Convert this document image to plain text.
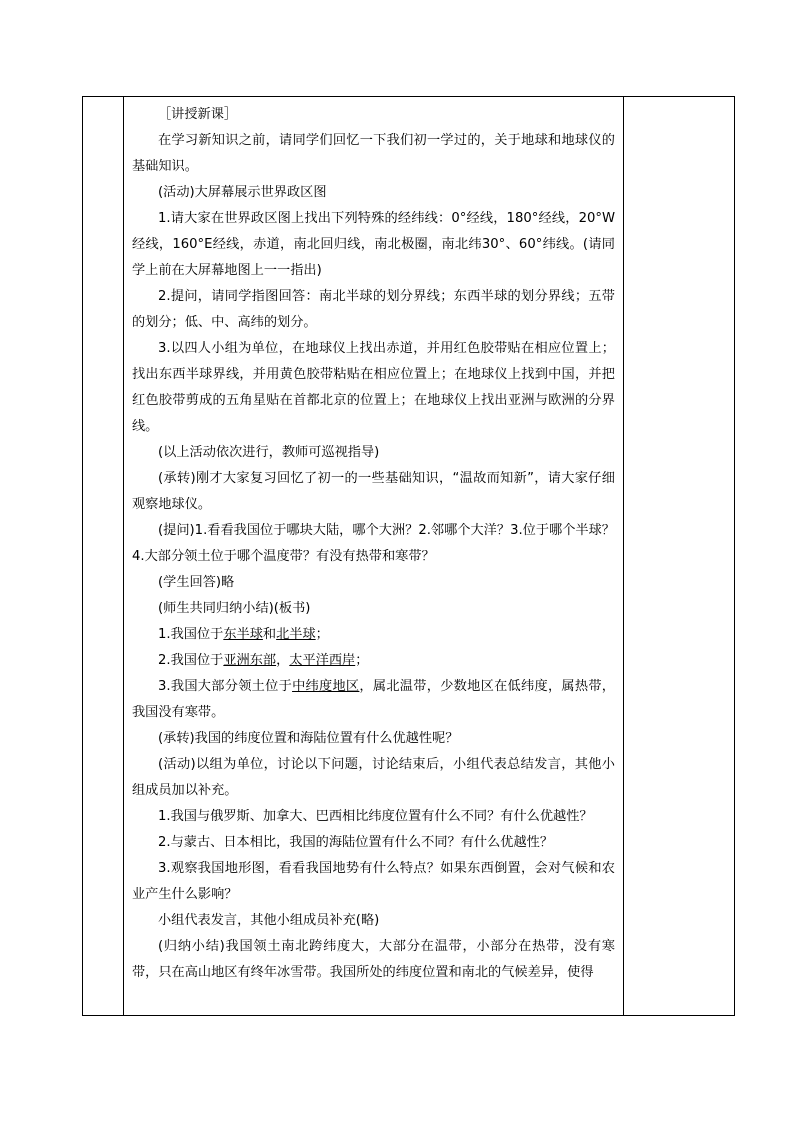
［讲授新课］

在学习新知识之前，请同学们回忆一下我们初一学过的，关于地球和地球仪的基础知识。

(活动)大屏幕展示世界政区图

1.请大家在世界政区图上找出下列特殊的经纬线：0°经线，180°经线，20°W经线，160°E经线，赤道，南北回归线，南北极圈，南北纬30°、60°纬线。(请同学上前在大屏幕地图上一一指出)

2.提问，请同学指图回答：南北半球的划分界线；东西半球的划分界线；五带的划分；低、中、高纬的划分。

3.以四人小组为单位，在地球仪上找出赤道，并用红色胶带贴在相应位置上；找出东西半球界线，并用黄色胶带粘贴在相应位置上；在地球仪上找到中国，并把红色胶带剪成的五角星贴在首都北京的位置上；在地球仪上找出亚洲与欧洲的分界线。

(以上活动依次进行，教师可巡视指导)

(承转)刚才大家复习回忆了初一的一些基础知识，“温故而知新”，请大家仔细观察地球仪。

(提问)1.看看我国位于哪块大陆，哪个大洲？2.邻哪个大洋？3.位于哪个半球？4.大部分领土位于哪个温度带？有没有热带和寒带？

(学生回答)略

(师生共同归纳小结)(板书)

1.我国位于东半球和北半球；

2.我国位于亚洲东部，太平洋西岸；

3.我国大部分领土位于中纬度地区，属北温带，少数地区在低纬度，属热带，我国没有寒带。

(承转)我国的纬度位置和海陆位置有什么优越性呢？

(活动)以组为单位，讨论以下问题，讨论结束后，小组代表总结发言，其他小组成员加以补充。

1.我国与俄罗斯、加拿大、巴西相比纬度位置有什么不同？有什么优越性？

2.与蒙古、日本相比，我国的海陆位置有什么不同？有什么优越性？

3.观察我国地形图，看看我国地势有什么特点？如果东西倒置，会对气候和农业产生什么影响？

小组代表发言，其他小组成员补充(略)

(归纳小结)我国领土南北跨纬度大，大部分在温带，小部分在热带，没有寒带，只在高山地区有终年冰雪带。我国所处的纬度位置和南北的气候差异，使得
